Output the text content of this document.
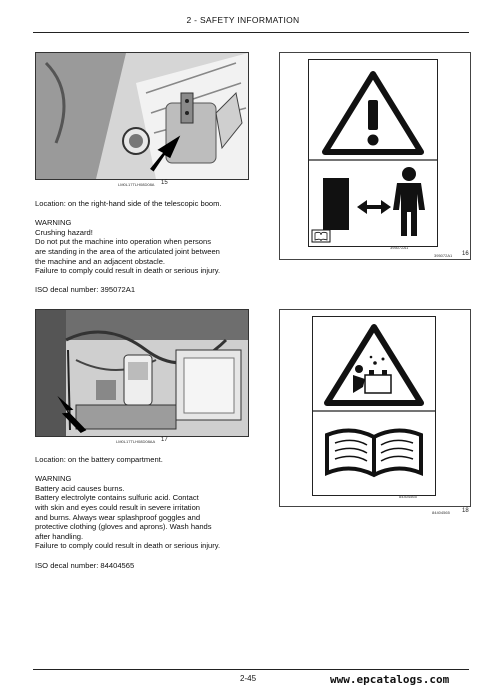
2 - SAFETY INFORMATION
LM0L17TLH08D08A 15

Location: on the right-hand side of the telescopic boom.

WARNING

Crushing hazard!

Do not put the machine into operation when persons

are standing in the area of the articulated joint between

the machine and an adjacent obstacle.

Failure to comply could result in death or serious injury.

ISO decal number: 395072A1

395072A1
395072A1 16
LM0L17TLH08D08AA 17

Location: on the battery compartment.

WARNING

Battery acid causes burns.

Battery electrolyte contains sulfuric acid. Contact

with skin and eyes could result in severe irritation

and burns. Always wear splashproof goggles and

protective clothing (gloves and aprons). Wash hands

after handling.

Failure to comply could result in death or serious injury.

ISO decal number: 84404565

84404565
84404565 18
2-45	www.epcatalogs.com
